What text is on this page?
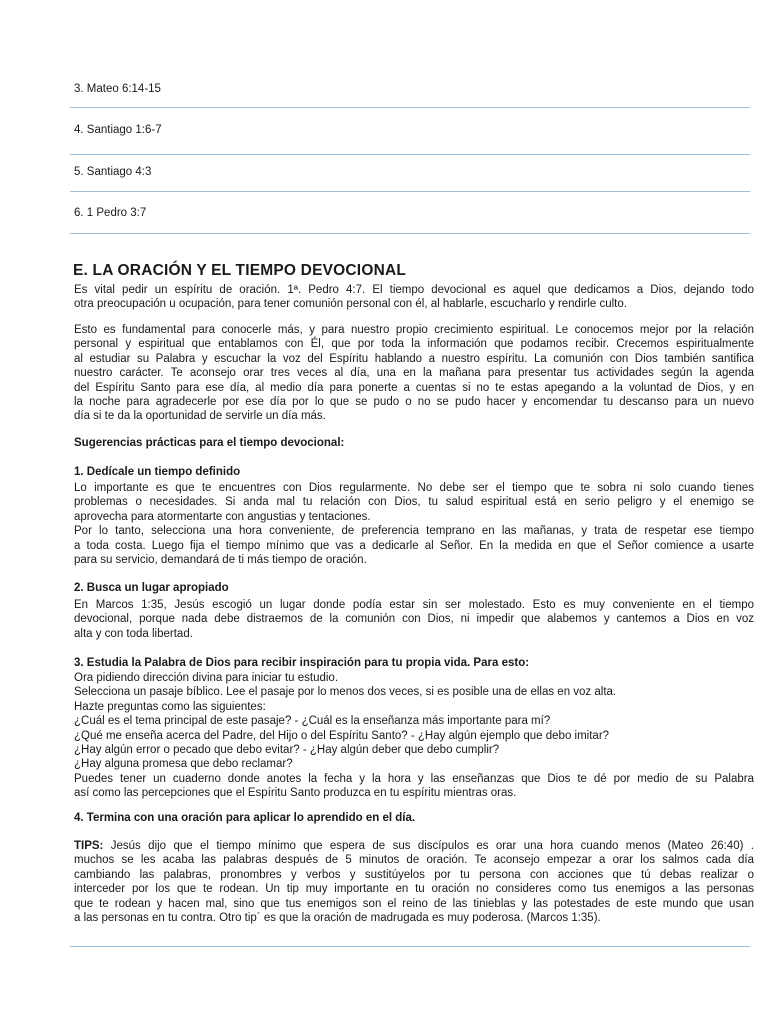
3. Mateo 6:14-15
4. Santiago 1:6-7
5. Santiago 4:3
6. 1 Pedro 3:7
E. LA ORACIÓN Y EL TIEMPO DEVOCIONAL
Es vital pedir un espíritu de oración. 1ª. Pedro 4:7. El tiempo devocional es aquel que dedicamos a Dios, dejando todo
otra preocupación u ocupación, para tener comunión personal con él, al hablarle, escucharlo y rendirle culto.
Esto es fundamental para conocerle más, y para nuestro propio crecimiento espiritual. Le conocemos mejor por la relación
personal y espiritual que entablamos con Él, que por toda la información que podamos recibir. Crecemos espiritualmente
al estudiar su Palabra y escuchar la voz del Espíritu hablando a nuestro espíritu. La comunión con Dios también santifica
nuestro carácter. Te aconsejo orar tres veces al día, una en la mañana para presentar tus actividades según la agenda
del Espíritu Santo para ese día, al medio día para ponerte a cuentas si no te estas apegando a la voluntad de Dios, y en
la noche para agradecerle por ese día por lo que se pudo o no se pudo hacer y encomendar tu descanso para un nuevo
día si te da la oportunidad de servirle un día más.
Sugerencias prácticas para el tiempo devocional:
1. Dedícale un tiempo definido
Lo importante es que te encuentres con Dios regularmente. No debe ser el tiempo que te sobra ni solo cuando tienes
problemas o necesidades. Si anda mal tu relación con Dios, tu salud espiritual está en serio peligro y el enemigo se
aprovecha para atormentarte con angustias y tentaciones.
Por lo tanto, selecciona una hora conveniente, de preferencia temprano en las mañanas, y trata de respetar ese tiempo
a toda costa. Luego fija el tiempo mínimo que vas a dedicarle al Señor. En la medida en que el Señor comience a usarte
para su servicio, demandará de ti más tiempo de oración.
2. Busca un lugar apropiado
En Marcos 1:35, Jesús escogió un lugar donde podía estar sin ser molestado. Esto es muy conveniente en el tiempo
devocional, porque nada debe distraemos de la comunión con Dios, ni impedir que alabemos y cantemos a Dios en voz
alta y con toda libertad.
3. Estudia la Palabra de Dios para recibir inspiración para tu propia vida. Para esto:
Ora pidiendo dirección divina para iniciar tu estudio.
Selecciona un pasaje bíblico. Lee el pasaje por lo menos dos veces, si es posible una de ellas en voz alta.
Hazte preguntas como las siguientes:
¿Cuál es el tema principal de este pasaje? - ¿Cuál es la enseñanza más importante para mí?
¿Qué me enseña acerca del Padre, del Hijo o del Espíritu Santo? - ¿Hay algún ejemplo que debo imitar?
¿Hay algún error o pecado que debo evitar? - ¿Hay algún deber que debo cumplir?
¿Hay alguna promesa que debo reclamar?
Puedes tener un cuaderno donde anotes la fecha y la hora y las enseñanzas que Dios te dé por medio de su Palabra
así como las percepciones que el Espíritu Santo produzca en tu espíritu mientras oras.
4. Termina con una oración para aplicar lo aprendido en el día.
TIPS: Jesús dijo que el tiempo mínimo que espera de sus discípulos es orar una hora cuando menos (Mateo 26:40) .
muchos se les acaba las palabras después de 5 minutos de oración. Te aconsejo empezar a orar los salmos cada día
cambiando las palabras, pronombres y verbos y sustitúyelos por tu persona con acciones que tú debas realizar o
interceder por los que te rodean. Un tip muy importante en tu oración no consideres como tus enemigos a las personas
que te rodean y hacen mal, sino que tus enemigos son el reino de las tinieblas y las potestades de este mundo que usan
a las personas en tu contra. Otro tip´ es que la oración de madrugada es muy poderosa. (Marcos 1:35).
